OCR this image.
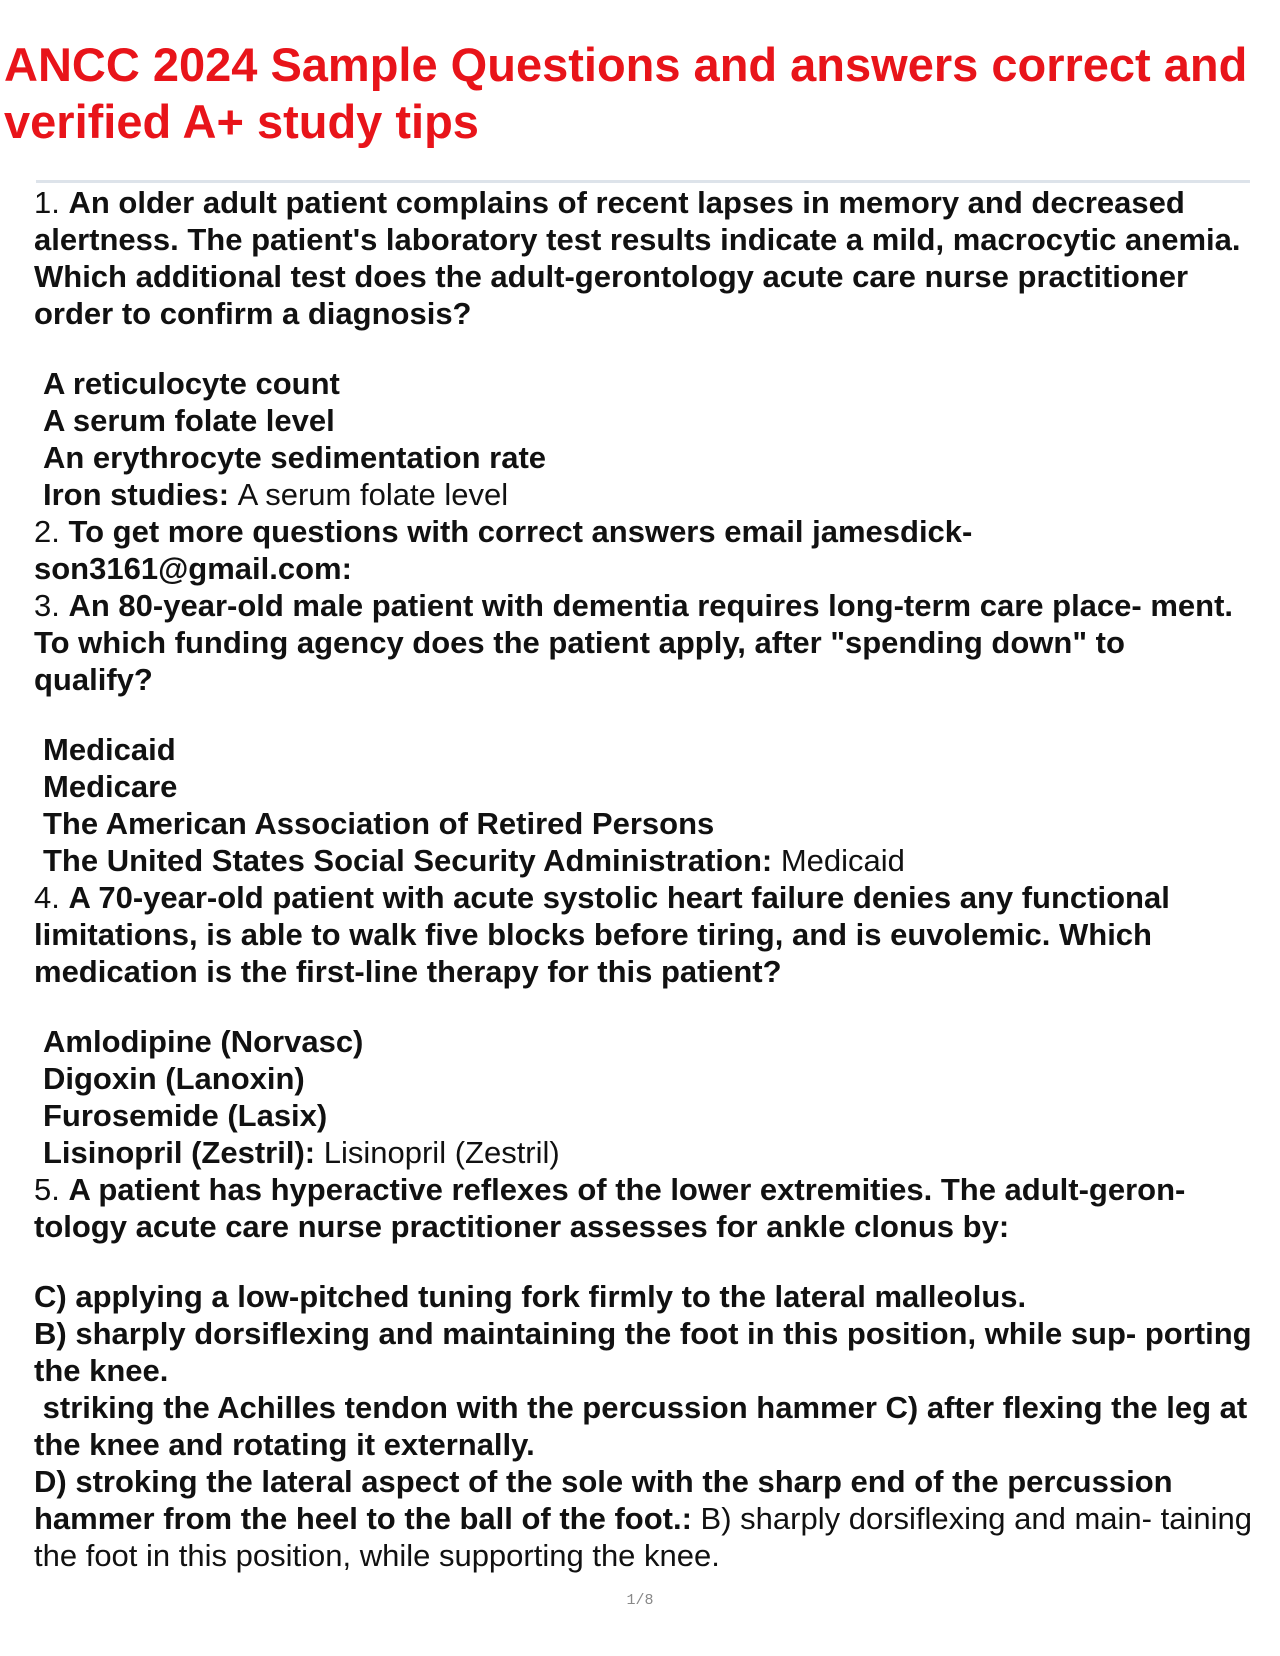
ANCC 2024 Sample Questions and answers correct and verified A+ study tips

1. An older adult patient complains of recent lapses in memory and decreased alertness. The patient's laboratory test results indicate a mild, macrocytic anemia. Which additional test does the adult-gerontology acute care nurse practitioner order to confirm a diagnosis?

A reticulocyte count

A serum folate level

An erythrocyte sedimentation rate

Iron studies: A serum folate level

2. To get more questions with correct answers email jamesdick- son3161@gmail.com:

3. An 80-year-old male patient with dementia requires long-term care place- ment. To which funding agency does the patient apply, after "spending down" to qualify?

Medicaid

Medicare

The American Association of Retired Persons

The United States Social Security Administration: Medicaid

4. A 70-year-old patient with acute systolic heart failure denies any functional limitations, is able to walk five blocks before tiring, and is euvolemic. Which medication is the first-line therapy for this patient?

Amlodipine (Norvasc)

Digoxin (Lanoxin)

Furosemide (Lasix)

Lisinopril (Zestril): Lisinopril (Zestril)

5. A patient has hyperactive reflexes of the lower extremities. The adult-geron- tology acute care nurse practitioner assesses for ankle clonus by:

C) applying a low-pitched tuning fork firmly to the lateral malleolus.

B) sharply dorsiflexing and maintaining the foot in this position, while sup- porting the knee.

striking the Achilles tendon with the percussion hammer C) after flexing the leg at the knee and rotating it externally.

D) stroking the lateral aspect of the sole with the sharp end of the percussion hammer from the heel to the ball of the foot.: B) sharply dorsiflexing and main- taining the foot in this position, while supporting the knee.

1/8
